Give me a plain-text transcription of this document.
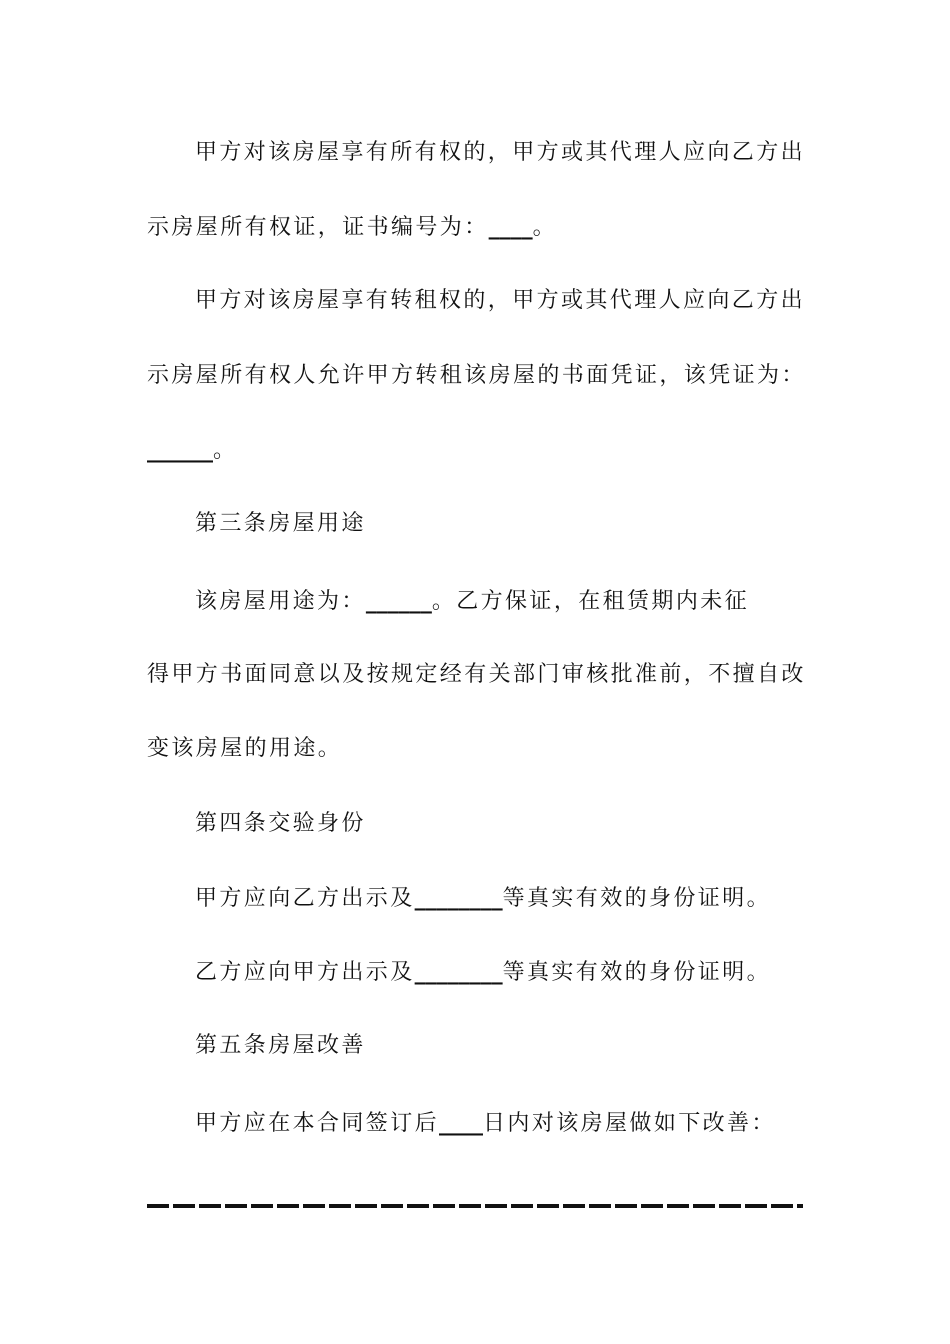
甲方对该房屋享有所有权的，甲方或其代理人应向乙方出

示房屋所有权证，证书编号为：____。

甲方对该房屋享有转租权的，甲方或其代理人应向乙方出

示房屋所有权人允许甲方转租该房屋的书面凭证，该凭证为：

______。

第三条房屋用途

该房屋用途为：______。乙方保证，在租赁期内未征

得甲方书面同意以及按规定经有关部门审核批准前，不擅自改

变该房屋的用途。

第四条交验身份

甲方应向乙方出示及________等真实有效的身份证明。

乙方应向甲方出示及________等真实有效的身份证明。

第五条房屋改善

甲方应在本合同签订后____日内对该房屋做如下改善：
